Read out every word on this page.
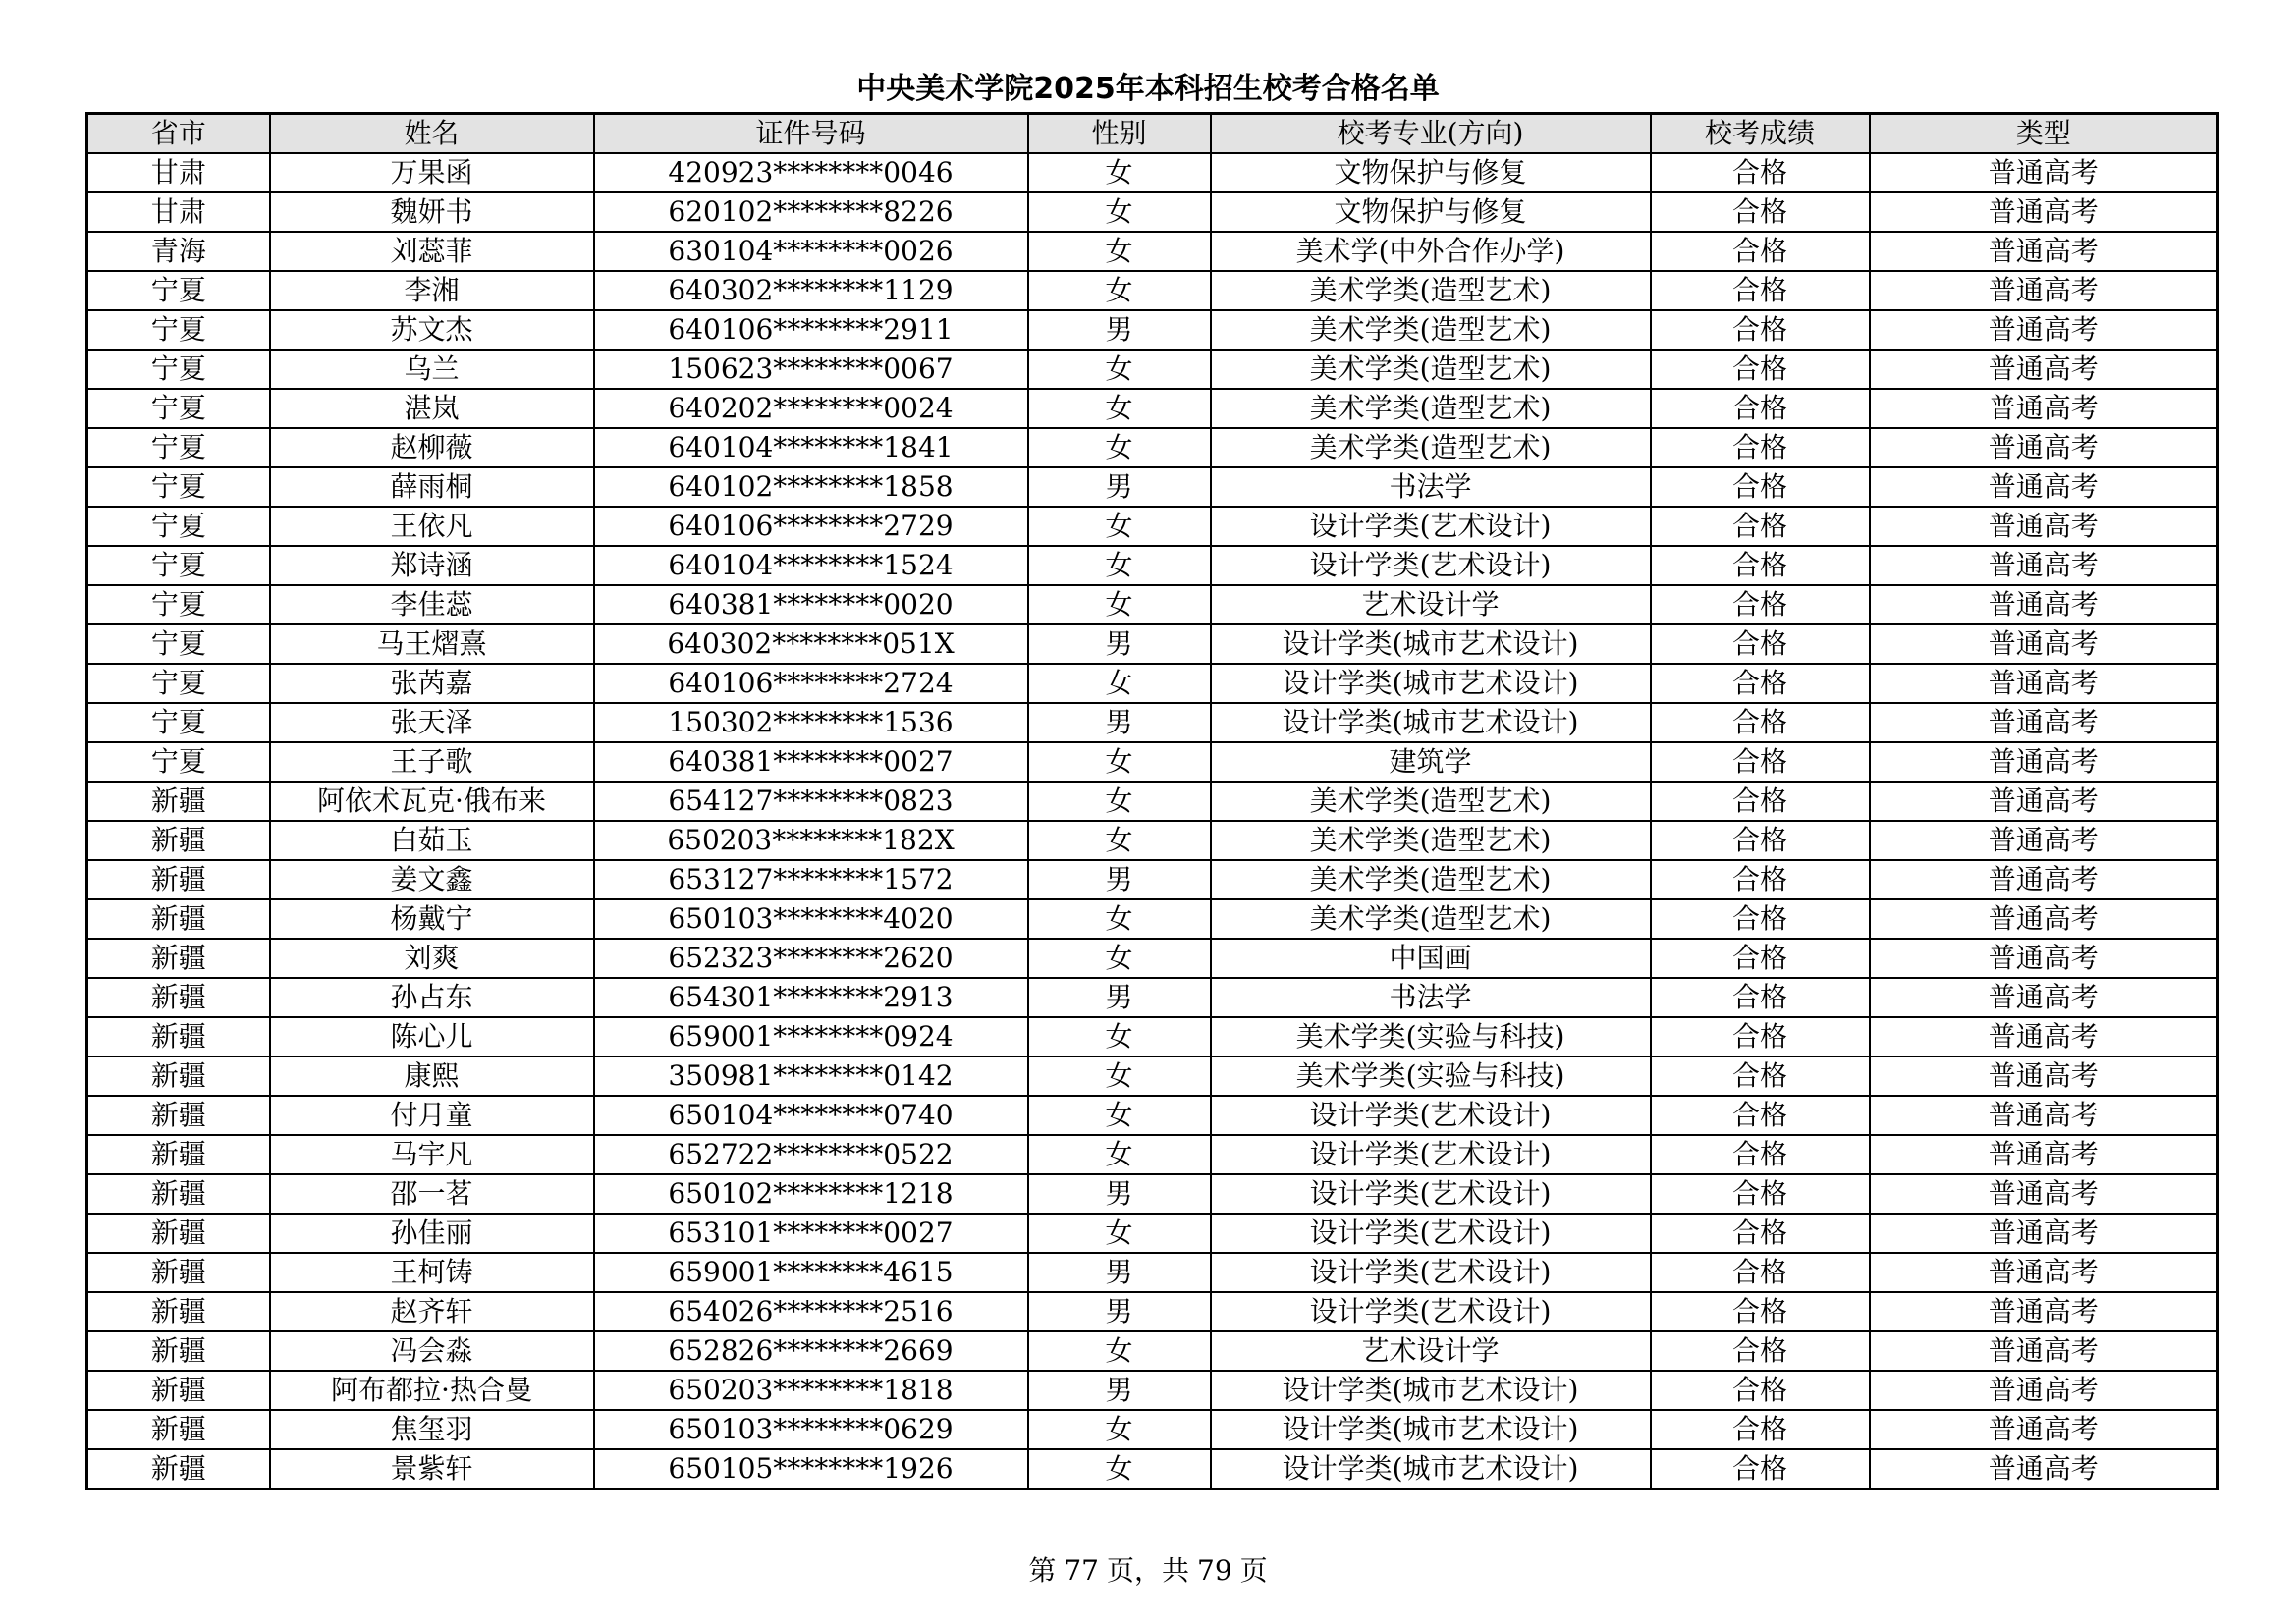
中央美术学院2025年本科招生校考合格名单
省市	姓名	证件号码	性别	校考专业(方向)	校考成绩	类型
甘肃	万果函	420923********0046	女	文物保护与修复	合格	普通高考
甘肃	魏妍书	620102********8226	女	文物保护与修复	合格	普通高考
青海	刘蕊菲	630104********0026	女	美术学(中外合作办学)	合格	普通高考
宁夏	李湘	640302********1129	女	美术学类(造型艺术)	合格	普通高考
宁夏	苏文杰	640106********2911	男	美术学类(造型艺术)	合格	普通高考
宁夏	乌兰	150623********0067	女	美术学类(造型艺术)	合格	普通高考
宁夏	湛岚	640202********0024	女	美术学类(造型艺术)	合格	普通高考
宁夏	赵柳薇	640104********1841	女	美术学类(造型艺术)	合格	普通高考
宁夏	薛雨桐	640102********1858	男	书法学	合格	普通高考
宁夏	王依凡	640106********2729	女	设计学类(艺术设计)	合格	普通高考
宁夏	郑诗涵	640104********1524	女	设计学类(艺术设计)	合格	普通高考
宁夏	李佳蕊	640381********0020	女	艺术设计学	合格	普通高考
宁夏	马王熠熹	640302********051X	男	设计学类(城市艺术设计)	合格	普通高考
宁夏	张芮嘉	640106********2724	女	设计学类(城市艺术设计)	合格	普通高考
宁夏	张天泽	150302********1536	男	设计学类(城市艺术设计)	合格	普通高考
宁夏	王子歌	640381********0027	女	建筑学	合格	普通高考
新疆	阿依术瓦克·俄布来	654127********0823	女	美术学类(造型艺术)	合格	普通高考
新疆	白茹玉	650203********182X	女	美术学类(造型艺术)	合格	普通高考
新疆	姜文鑫	653127********1572	男	美术学类(造型艺术)	合格	普通高考
新疆	杨戴宁	650103********4020	女	美术学类(造型艺术)	合格	普通高考
新疆	刘爽	652323********2620	女	中国画	合格	普通高考
新疆	孙占东	654301********2913	男	书法学	合格	普通高考
新疆	陈心儿	659001********0924	女	美术学类(实验与科技)	合格	普通高考
新疆	康熙	350981********0142	女	美术学类(实验与科技)	合格	普通高考
新疆	付月童	650104********0740	女	设计学类(艺术设计)	合格	普通高考
新疆	马宇凡	652722********0522	女	设计学类(艺术设计)	合格	普通高考
新疆	邵一茗	650102********1218	男	设计学类(艺术设计)	合格	普通高考
新疆	孙佳丽	653101********0027	女	设计学类(艺术设计)	合格	普通高考
新疆	王柯铸	659001********4615	男	设计学类(艺术设计)	合格	普通高考
新疆	赵齐轩	654026********2516	男	设计学类(艺术设计)	合格	普通高考
新疆	冯会淼	652826********2669	女	艺术设计学	合格	普通高考
新疆	阿布都拉·热合曼	650203********1818	男	设计学类(城市艺术设计)	合格	普通高考
新疆	焦玺羽	650103********0629	女	设计学类(城市艺术设计)	合格	普通高考
新疆	景紫轩	650105********1926	女	设计学类(城市艺术设计)	合格	普通高考
第 77 页，共 79 页
